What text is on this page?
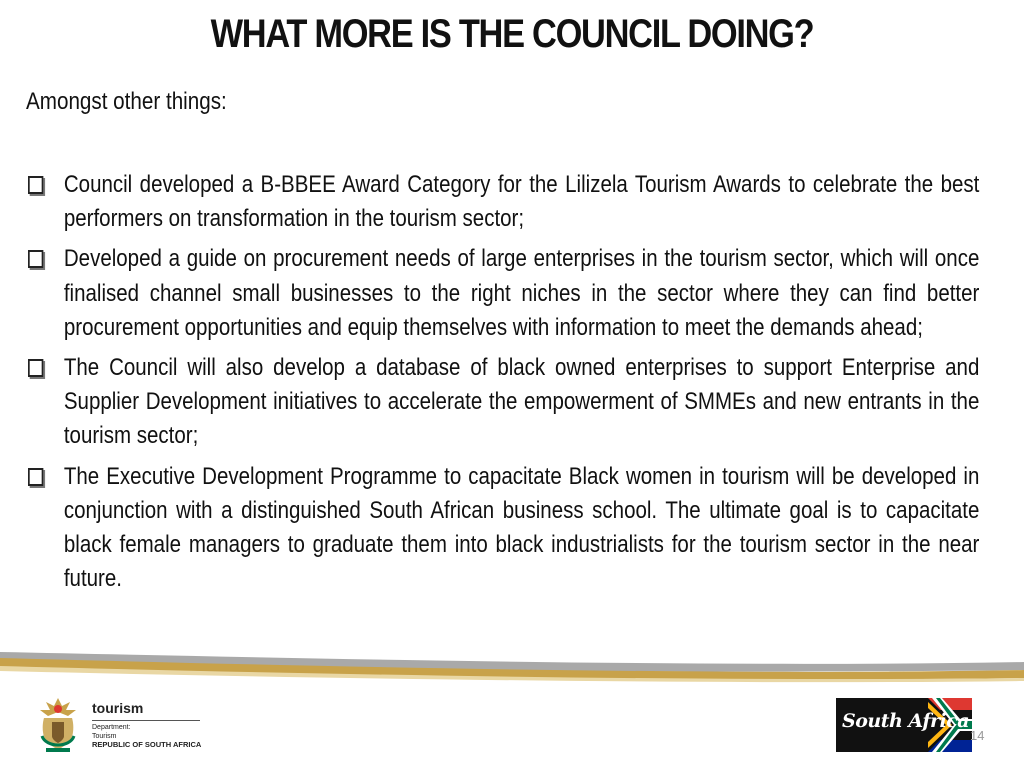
WHAT MORE IS THE COUNCIL DOING?
Amongst other things:
Council developed a B-BBEE Award Category for the Lilizela Tourism Awards to celebrate the best performers on transformation in the tourism sector;
Developed a guide on procurement needs of large enterprises in the tourism sector, which will once finalised channel small businesses to the right niches in the sector where they can find better procurement opportunities and equip themselves with information to meet the demands ahead;
The Council will also develop a database of black owned enterprises to support Enterprise and Supplier Development initiatives to accelerate the empowerment of SMMEs and new entrants in the tourism sector;
The Executive Development Programme to capacitate Black women in tourism will be developed in conjunction with a distinguished South African business school. The ultimate goal is to capacitate black female managers to graduate them into black industrialists for the tourism sector in the near future.
tourism
Department:
Tourism
REPUBLIC OF SOUTH AFRICA
South Africa
14
